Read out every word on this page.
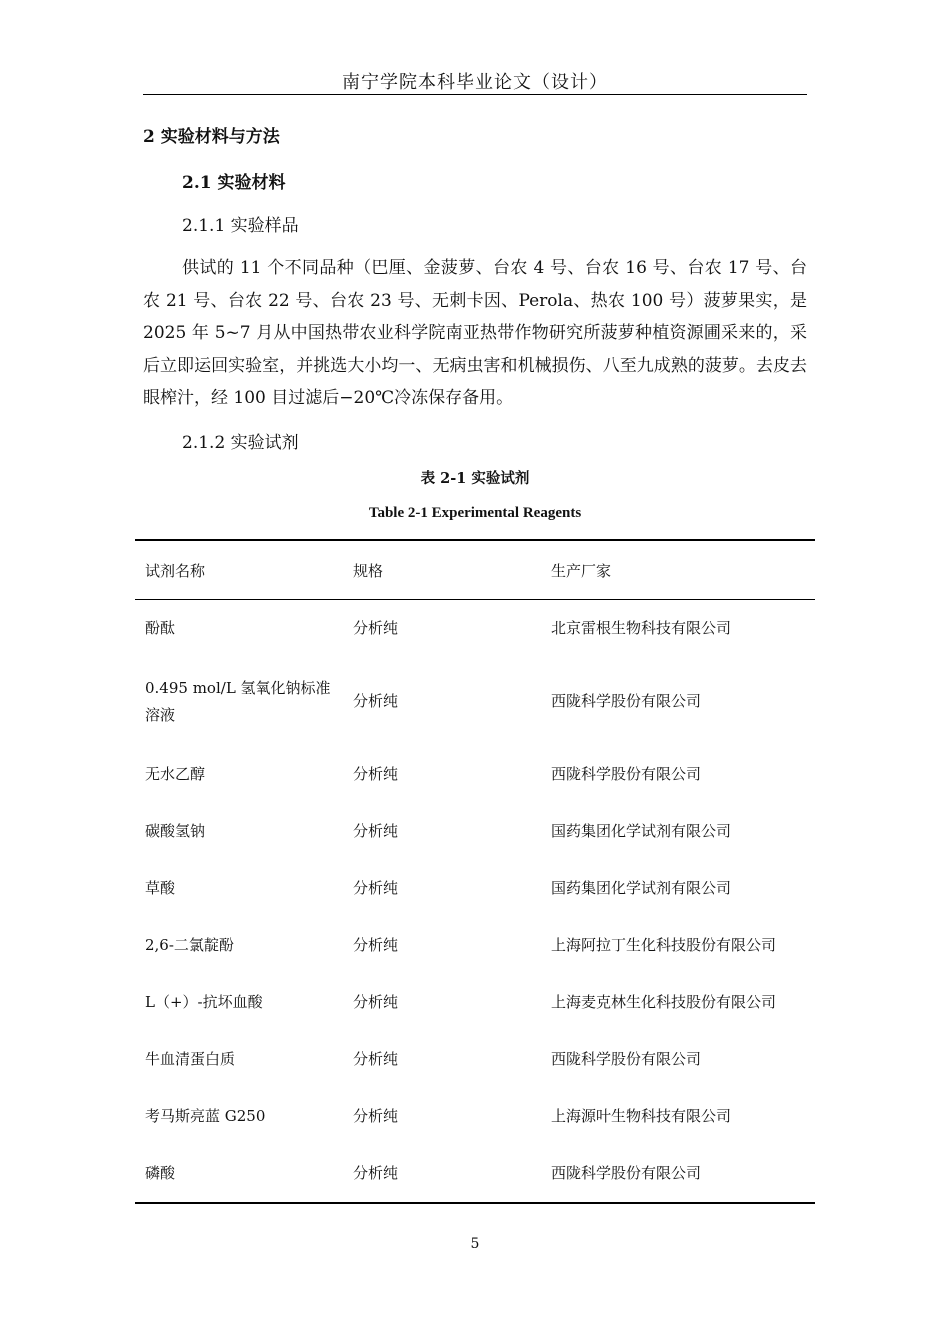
南宁学院本科毕业论文（设计）
2 实验材料与方法
2.1 实验材料
2.1.1 实验样品
供试的 11 个不同品种（巴厘、金菠萝、台农 4 号、台农 16 号、台农 17 号、台农 21 号、台农 22 号、台农 23 号、无刺卡因、Perola、热农 100 号）菠萝果实，是 2025 年 5~7 月从中国热带农业科学院南亚热带作物研究所菠萝种植资源圃采来的，采后立即运回实验室，并挑选大小均一、无病虫害和机械损伤、八至九成熟的菠萝。去皮去眼榨汁，经 100 目过滤后−20℃冷冻保存备用。
2.1.2 实验试剂
表 2-1 实验试剂
Table 2-1 Experimental Reagents
试剂名称	规格	生产厂家
酚酞	分析纯	北京雷根生物科技有限公司
0.495 mol/L 氢氧化钠标准溶液	分析纯	西陇科学股份有限公司
无水乙醇	分析纯	西陇科学股份有限公司
碳酸氢钠	分析纯	国药集团化学试剂有限公司
草酸	分析纯	国药集团化学试剂有限公司
2,6-二氯靛酚	分析纯	上海阿拉丁生化科技股份有限公司
L（+）-抗坏血酸	分析纯	上海麦克林生化科技股份有限公司
牛血清蛋白质	分析纯	西陇科学股份有限公司
考马斯亮蓝 G250	分析纯	上海源叶生物科技有限公司
磷酸	分析纯	西陇科学股份有限公司
5
